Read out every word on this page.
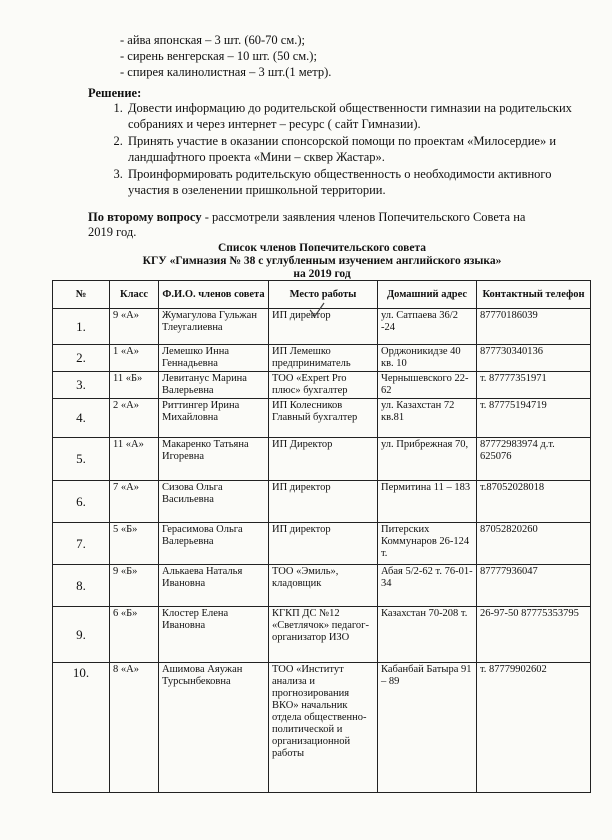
- айва японская – 3 шт. (60-70 см.);
- сирень венгерская – 10 шт. (50 см.);
- спирея калинолистная – 3 шт.(1 метр).
Решение:
1. Довести информацию до родительской общественности гимназии на родительских собраниях и через интернет – ресурс ( сайт Гимназии).
2. Принять участие в оказании спонсорской помощи по проектам «Милосердие» и ландшафтного проекта «Мини – сквер Жастар».
3. Проинформировать родительскую общественность о необходимости активного участия в озеленении пришкольной территории.
По второму вопросу - рассмотрели заявления членов Попечительского Совета на 2019 год.
Список членов Попечительского совета
КГУ «Гимназия № 38 с углубленным изучением английского языка»
на 2019 год
№	Класс	Ф.И.О. членов совета	Место работы	Домашний адрес	Контактный телефон
1.	9 «А»	Жумагулова Гульжан Тлеугалиевна	ИП директор	ул. Сатпаева 36/2 -24	87770186039
2.	1 «А»	Лемешко Инна Геннадьевна	ИП Лемешко предприниматель	Орджоникидзе 40 кв. 10	877730340136
3.	11 «Б»	Левитанус Марина Валерьевна	ТОО «Expert Pro плюс» бухгалтер	Чернышевского 22-62	т. 87777351971
4.	2 «А»	Риттингер Ирина Михайловна	ИП Колесников Главный бухгалтер	ул. Казахстан 72 кв.81	т. 87775194719
5.	11 «А»	Макаренко Татьяна Игоревна	ИП Директор	ул. Прибрежная 70,	87772983974 д.т. 625076
6.	7 «А»	Сизова Ольга Васильевна	ИП директор	Пермитина 11 – 183	т.87052028018
7.	5 «Б»	Герасимова Ольга Валерьевна	ИП директор	Питерских Коммунаров 26-124 т.	87052820260
8.	9 «Б»	Алькаева Наталья Ивановна	ТОО «Эмиль», кладовщик	Абая 5/2-62 т. 76-01-34	87777936047
9.	6 «Б»	Клостер Елена Ивановна	КГКП ДС №12 «Светлячок» педагог-организатор ИЗО	Казахстан 70-208 т.	26-97-50 87775353795
10.	8 «А»	Ашимова Аяужан Турсынбековна	ТОО «Институт анализа и прогнозирования ВКО» начальник отдела общественно-политической и организационной работы	Кабанбай Батыра 91 – 89	т. 87779902602
